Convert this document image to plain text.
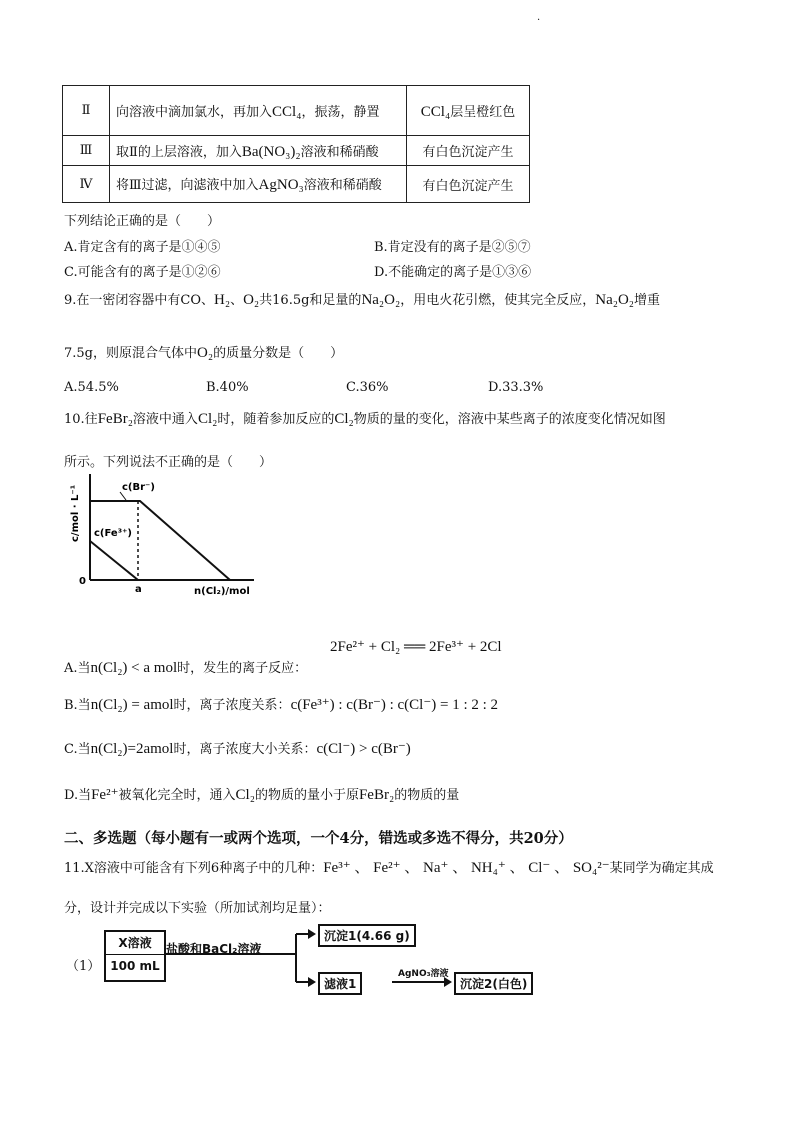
.
Ⅱ	向溶液中滴加氯水，再加入CCl₄，振荡，静置	CCl₄层呈橙红色
Ⅲ	取Ⅱ的上层溶液，加入Ba(NO₃)₂溶液和稀硝酸	有白色沉淀产生
Ⅳ	将Ⅲ过滤，向滤液中加入AgNO₃溶液和稀硝酸	有白色沉淀产生
下列结论正确的是（　　）
A.肯定含有的离子是①④⑤	B.肯定没有的离子是②⑤⑦
C.可能含有的离子是①②⑥	D.不能确定的离子是①③⑥
9.在一密闭容器中有CO、H₂、O₂共16.5g和足量的Na₂O₂，用电火花引燃，使其完全反应，Na₂O₂增重
7.5g，则原混合气体中O₂的质量分数是（　　）
A.54.5%	B.40%	C.36%	D.33.3%
10.往FeBr₂溶液中通入Cl₂时，随着参加反应的Cl₂物质的量的变化，溶液中某些离子的浓度变化情况如图
所示。下列说法不正确的是（　　）
c/mol · L⁻¹	c(Br⁻)
c(Fe³⁺)
0
a	n(Cl₂)/mol
2Fe²⁺ + Cl₂ ══ 2Fe³⁺ + 2Cl
A.当n(Cl₂) < a mol时，发生的离子反应：
B.当n(Cl₂) = amol时，离子浓度关系：c(Fe³⁺) : c(Br⁻) : c(Cl⁻) = 1 : 2 : 2
C.当n(Cl₂)=2amol时，离子浓度大小关系：c(Cl⁻) > c(Br⁻)
D.当Fe²⁺被氧化完全时，通入Cl₂的物质的量小于原FeBr₂的物质的量
二、多选题（每小题有一或两个选项，一个4分，错选或多选不得分，共20分）
11.X溶液中可能含有下列6种离子中的几种：Fe³⁺ 、 Fe²⁺ 、 Na⁺ 、 NH₄⁺ 、 Cl⁻ 、 SO₄²⁻某同学为确定其成
分，设计并完成以下实验（所加试剂均足量）：
（1）
X溶液
100 mL
盐酸和BaCl₂溶液
沉淀1(4.66 g)
滤液1
AgNO₃溶液
沉淀2(白色)
